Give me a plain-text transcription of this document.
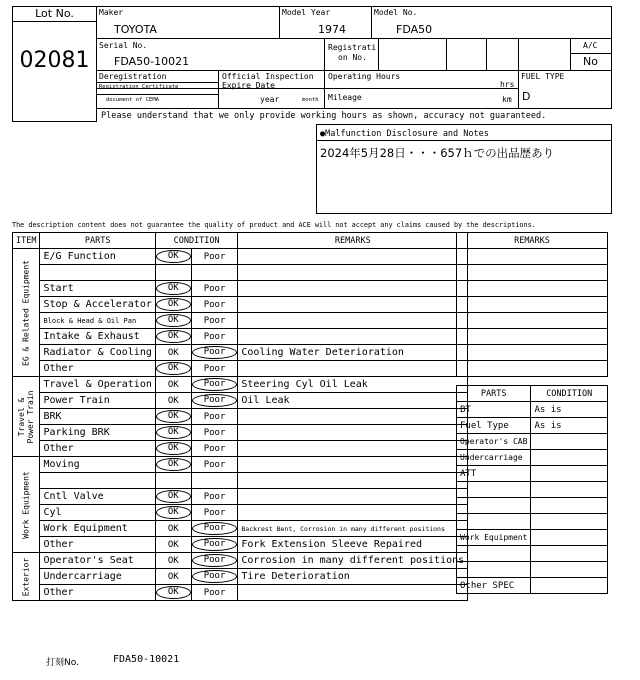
Lot No.
02081
Maker
TOYOTA
Model Year
1974
Model No.
FDA50
Serial No.
FDA50-10021
Registrati
on No.
A/C
No
Deregistration
Registration Certificate
document of CEMA
Official Inspection
Expire Date
year	month
Operating Hours
hrs
Mileage	km
FUEL TYPE
D
Please understand that we only provide working hours as shown, accuracy not guaranteed.
●Malfunction Disclosure and Notes
2024年5月28日・・・657ｈでの出品歴あり
The description content does not guarantee the quality of product and ACE will not accept any claims caused by the descriptions.
ITEM	PARTS	CONDITION		REMARKS

EG & Related Equipment	E/G Function	OK	Poor	

	Start	OK	Poor	
	Stop & Accelerator	OK	Poor	
	Block & Head & Oil Pan	OK	Poor	
	Intake & Exhaust	OK	Poor	
	Radiator & Cooling	OK	Poor	Cooling Water Deterioration
	Other	OK	Poor	

Travel & Power Train	Travel & Operation	OK	Poor	Steering Cyl Oil Leak
	Power Train	OK	Poor	Oil Leak
	BRK	OK	Poor	
	Parking BRK	OK	Poor	
	Other	OK	Poor	

Work Equipment	Moving	OK	Poor	

	Cntl Valve	OK	Poor	
	Cyl	OK	Poor	
	Work Equipment	OK	Poor	Backrest Bent, Corrosion in many different positions
	Other	OK	Poor	Fork Extension Sleeve Repaired

Exterior	Operator's Seat	OK	Poor	Corrosion in many different positions
	Undercarriage	OK	Poor	Tire Deterioration
	Other	OK	Poor	
REMARKS

PARTS	CONDITION
BT	As is
Fuel Type	As is
Operator's CAB	
Undercarriage	
ATT	

Work Equipment	

Other SPEC	
打刻No.	FDA50-10021
